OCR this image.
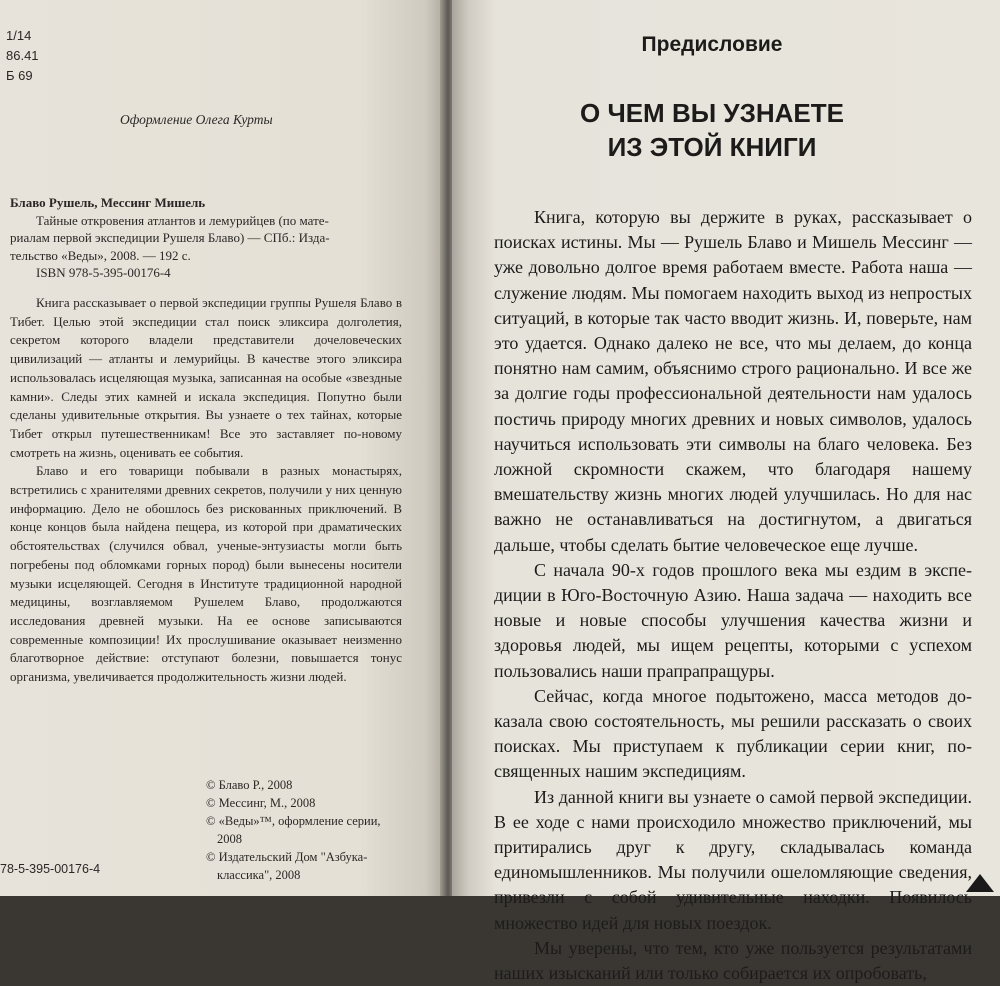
1/14
86.41
Б 69
Оформление Олега Курты
Блаво Рушель, Мессинг Мишель
Тайные откровения атлантов и лемурийцев (по мате-
риалам первой экспедиции Рушеля Блаво) — СПб.: Изда-
тельство «Веды», 2008. — 192 с.
ISBN 978-5-395-00176-4

Книга рассказывает о первой экспедиции группы Рушеля Блаво в Тибет. Целью этой экспедиции стал поиск эликсира долголетия, секретом которого владели представители дочеловеческих цивилизаций — атланты и лемурийцы. В качестве этого эликсира использовалась исцеляющая музыка, записанная на особые «звездные камни». Следы этих камней и искала экспедиция. Попутно были сделаны удивительные открытия. Вы узнаете о тех тайнах, которые Тибет открыл путешественникам! Все это заставляет по-новому смотреть на жизнь, оценивать ее события.

Блаво и его товарищи побывали в разных монастырях, встретились с хранителями древних секретов, получили у них ценную информацию. Дело не обошлось без рискованных приключений. В конце концов была найдена пещера, из которой при драматических обстоятельствах (случился обвал, ученые-энтузиасты могли быть погребены под обломками горных пород) были вынесены носители музыки исцеляющей. Сегодня в Институте традиционной народной медицины, возглавляемом Рушелем Блаво, продолжаются исследования древней музыки. На ее основе записываются современные композиции! Их прослушивание оказывает неизменно благотворное действие: отступают болезни, повышается тонус организма, увеличивается продолжительность жизни людей.

© Блаво Р., 2008
© Мессинг, М., 2008
© «Веды»™, оформление серии,
2008
© Издательский Дом "Азбука-
классика", 2008
78-5-395-00176-4
Предисловие
О ЧЕМ ВЫ УЗНАЕТЕ
ИЗ ЭТОЙ КНИГИ

Книга, которую вы держите в руках, рассказывает о поисках истины. Мы — Рушель Блаво и Мишель Мессинг — уже довольно долгое время работаем вместе. Работа наша — служение людям. Мы помогаем находить выход из непростых ситуаций, в которые так часто вводит жизнь. И, поверьте, нам это удается. Однако далеко не все, что мы делаем, до конца понятно нам самим, объяснимо строго рационально. И все же за долгие годы профессиональной деятельности нам удалось постичь природу многих древних и новых символов, удалось научиться использовать эти символы на благо человека. Без ложной скромности скажем, что благодаря нашему вмешательству жизнь многих людей улучшилась. Но для нас важно не останавливаться на достигнутом, а двигаться дальше, чтобы сделать бытие человеческое еще лучше.

С начала 90-х годов прошлого века мы ездим в экспедиции в Юго-Восточную Азию. Наша задача — находить все новые и новые способы улучшения качества жизни и здоровья людей, мы ищем рецепты, которыми с успехом пользовались наши прапрапращуры.

Сейчас, когда многое подытожено, масса методов доказала свою состоятельность, мы решили рассказать о своих поисках. Мы приступаем к публикации серии книг, посвященных нашим экспедициям.

Из данной книги вы узнаете о самой первой экспедиции. В ее ходе с нами происходило множество приключений, мы притирались друг к другу, складывалась команда единомышленников. Мы получили ошеломляющие сведения, привезли с собой удивительные находки. Появилось множество идей для новых поездок.

Мы уверены, что тем, кто уже пользуется результатами наших изысканий или только собирается их опробовать,
